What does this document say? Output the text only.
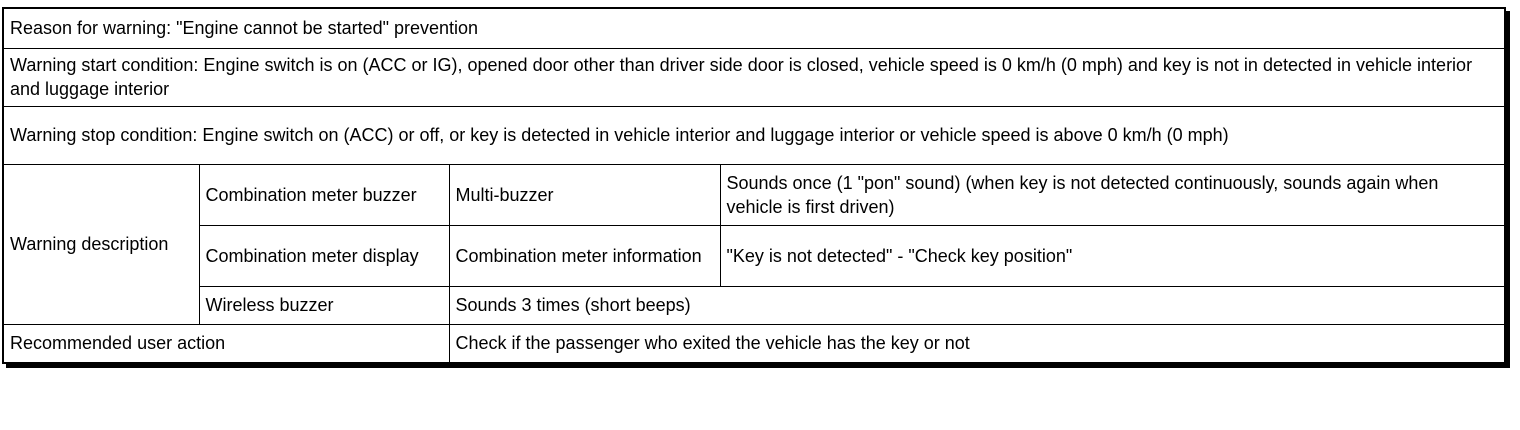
Reason for warning: "Engine cannot be started" prevention			
Warning start condition: Engine switch is on (ACC or IG), opened door other than driver side door is closed, vehicle speed is 0 km/h (0 mph) and key is not in detected in vehicle interior and luggage interior			
Warning stop condition: Engine switch on (ACC) or off, or key is detected in vehicle interior and luggage interior or vehicle speed is above 0 km/h (0 mph)			
Warning description	Combination meter buzzer	Multi-buzzer	Sounds once (1 "pon" sound) (when key is not detected continuously, sounds again when vehicle is first driven)
	Combination meter display	Combination meter information	"Key is not detected" - "Check key position"
	Wireless buzzer	Sounds 3 times (short beeps)	
Recommended user action		Check if the passenger who exited the vehicle has the key or not	
